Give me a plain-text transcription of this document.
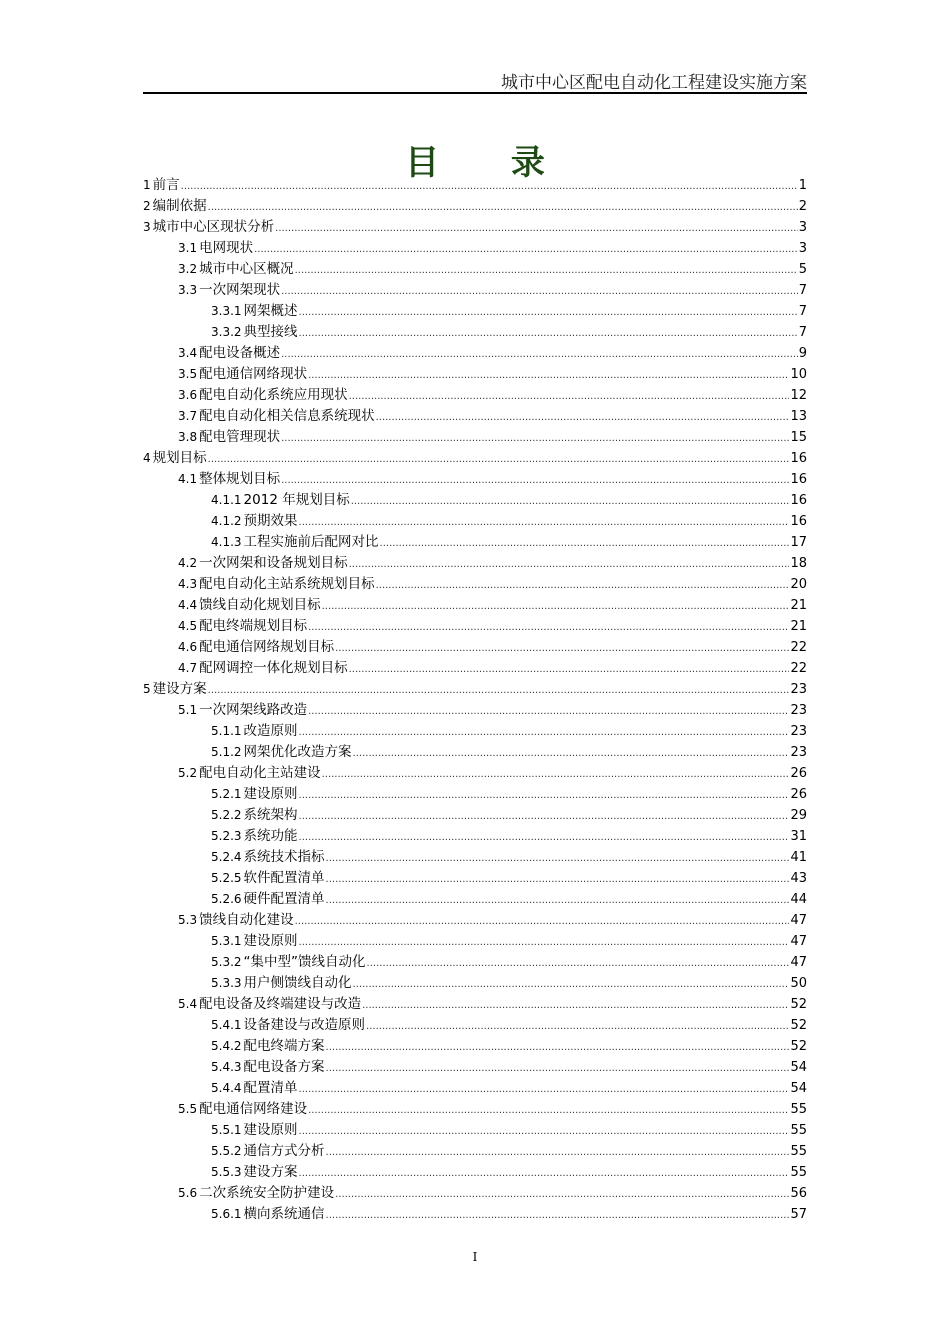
城市中心区配电自动化工程建设实施方案
目 录
1 前言 .....	1
2 编制依据 .....	2
3 城市中心区现状分析 .....	3
3.1 电网现状 .....	3
3.2 城市中心区概况 .....	5
3.3 一次网架现状 .....	7
3.3.1 网架概述 .....	7
3.3.2 典型接线 .....	7
3.4 配电设备概述 .....	9
3.5 配电通信网络现状 .....	10
3.6 配电自动化系统应用现状 .....	12
3.7 配电自动化相关信息系统现状 .....	13
3.8 配电管理现状 .....	15
4 规划目标 .....	16
4.1 整体规划目标 .....	16
4.1.1 2012 年规划目标 .....	16
4.1.2 预期效果 .....	16
4.1.3 工程实施前后配网对比 .....	17
4.2 一次网架和设备规划目标 .....	18
4.3 配电自动化主站系统规划目标 .....	20
4.4 馈线自动化规划目标 .....	21
4.5 配电终端规划目标 .....	21
4.6 配电通信网络规划目标 .....	22
4.7 配网调控一体化规划目标 .....	22
5 建设方案 .....	23
5.1 一次网架线路改造 .....	23
5.1.1 改造原则 .....	23
5.1.2 网架优化改造方案 .....	23
5.2 配电自动化主站建设 .....	26
5.2.1 建设原则 .....	26
5.2.2 系统架构 .....	29
5.2.3 系统功能 .....	31
5.2.4 系统技术指标 .....	41
5.2.5 软件配置清单 .....	43
5.2.6 硬件配置清单 .....	44
5.3 馈线自动化建设 .....	47
5.3.1 建设原则 .....	47
5.3.2 “集中型”馈线自动化 .....	47
5.3.3 用户侧馈线自动化 .....	50
5.4 配电设备及终端建设与改造 .....	52
5.4.1 设备建设与改造原则 .....	52
5.4.2 配电终端方案 .....	52
5.4.3 配电设备方案 .....	54
5.4.4 配置清单 .....	54
5.5 配电通信网络建设 .....	55
5.5.1 建设原则 .....	55
5.5.2 通信方式分析 .....	55
5.5.3 建设方案 .....	55
5.6 二次系统安全防护建设 .....	56
5.6.1 横向系统通信 .....	57
I
